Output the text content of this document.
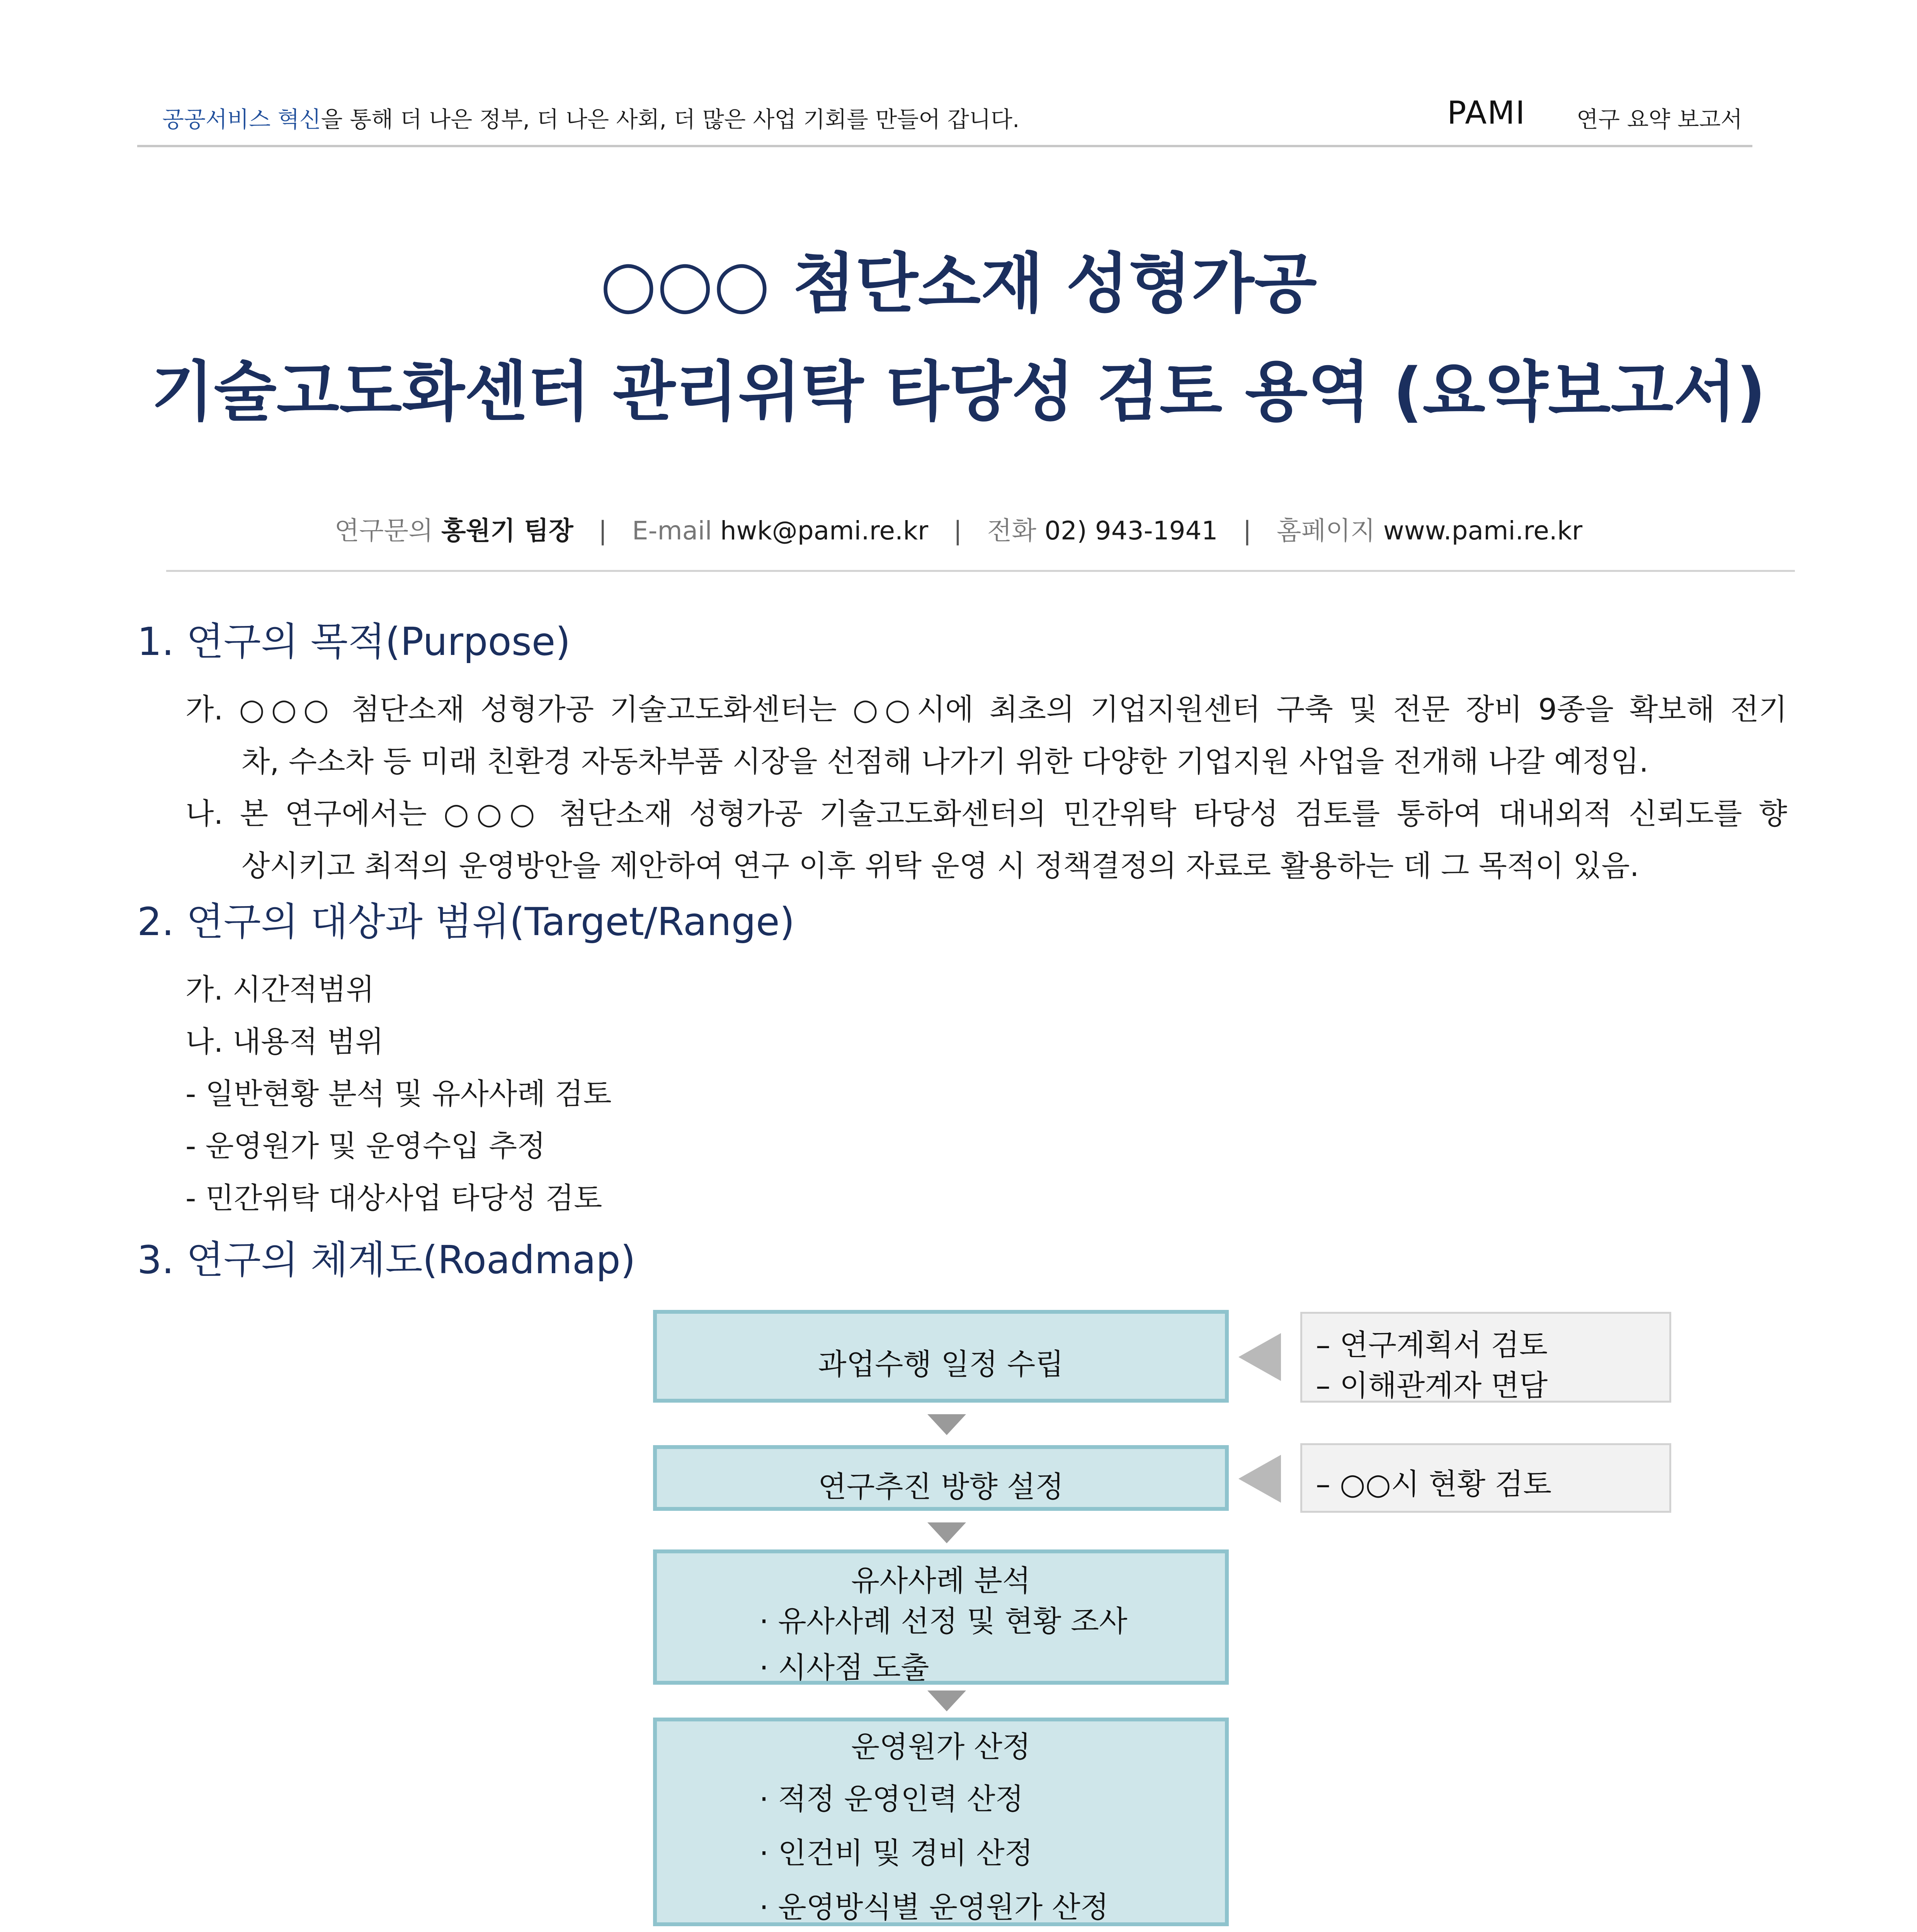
공공서비스 혁신을 통해 더 나은 정부, 더 나은 사회, 더 많은 사업 기회를 만들어 갑니다.	PAMI 연구 요약 보고서
○○○ 첨단소재 성형가공
기술고도화센터 관리위탁 타당성 검토 용역 (요약보고서)
연구문의 홍원기 팀장 | E-mail hwk@pami.re.kr | 전화 02) 943-1941 | 홈페이지 www.pami.re.kr
1. 연구의 목적(Purpose)
가. ○○○ 첨단소재 성형가공 기술고도화센터는 ○○시에 최초의 기업지원센터 구축 및 전문 장비 9종을 확보해 전기
차, 수소차 등 미래 친환경 자동차부품 시장을 선점해 나가기 위한 다양한 기업지원 사업을 전개해 나갈 예정임.
나. 본 연구에서는 ○○○ 첨단소재 성형가공 기술고도화센터의 민간위탁 타당성 검토를 통하여 대내외적 신뢰도를 향
상시키고 최적의 운영방안을 제안하여 연구 이후 위탁 운영 시 정책결정의 자료로 활용하는 데 그 목적이 있음.
2. 연구의 대상과 범위(Target/Range)
가. 시간적범위
나. 내용적 범위
- 일반현황 분석 및 유사사례 검토
- 운영원가 및 운영수입 추정
- 민간위탁 대상사업 타당성 검토
3. 연구의 체계도(Roadmap)
과업수행 일정 수립
– 연구계획서 검토
– 이해관계자 면담
연구추진 방향 설정	– ○○시 현황 검토
유사사례 분석
· 유사사례 선정 및 현황 조사
· 시사점 도출
운영원가 산정
· 적정 운영인력 산정
· 인건비 및 경비 산정
· 운영방식별 운영원가 산정
